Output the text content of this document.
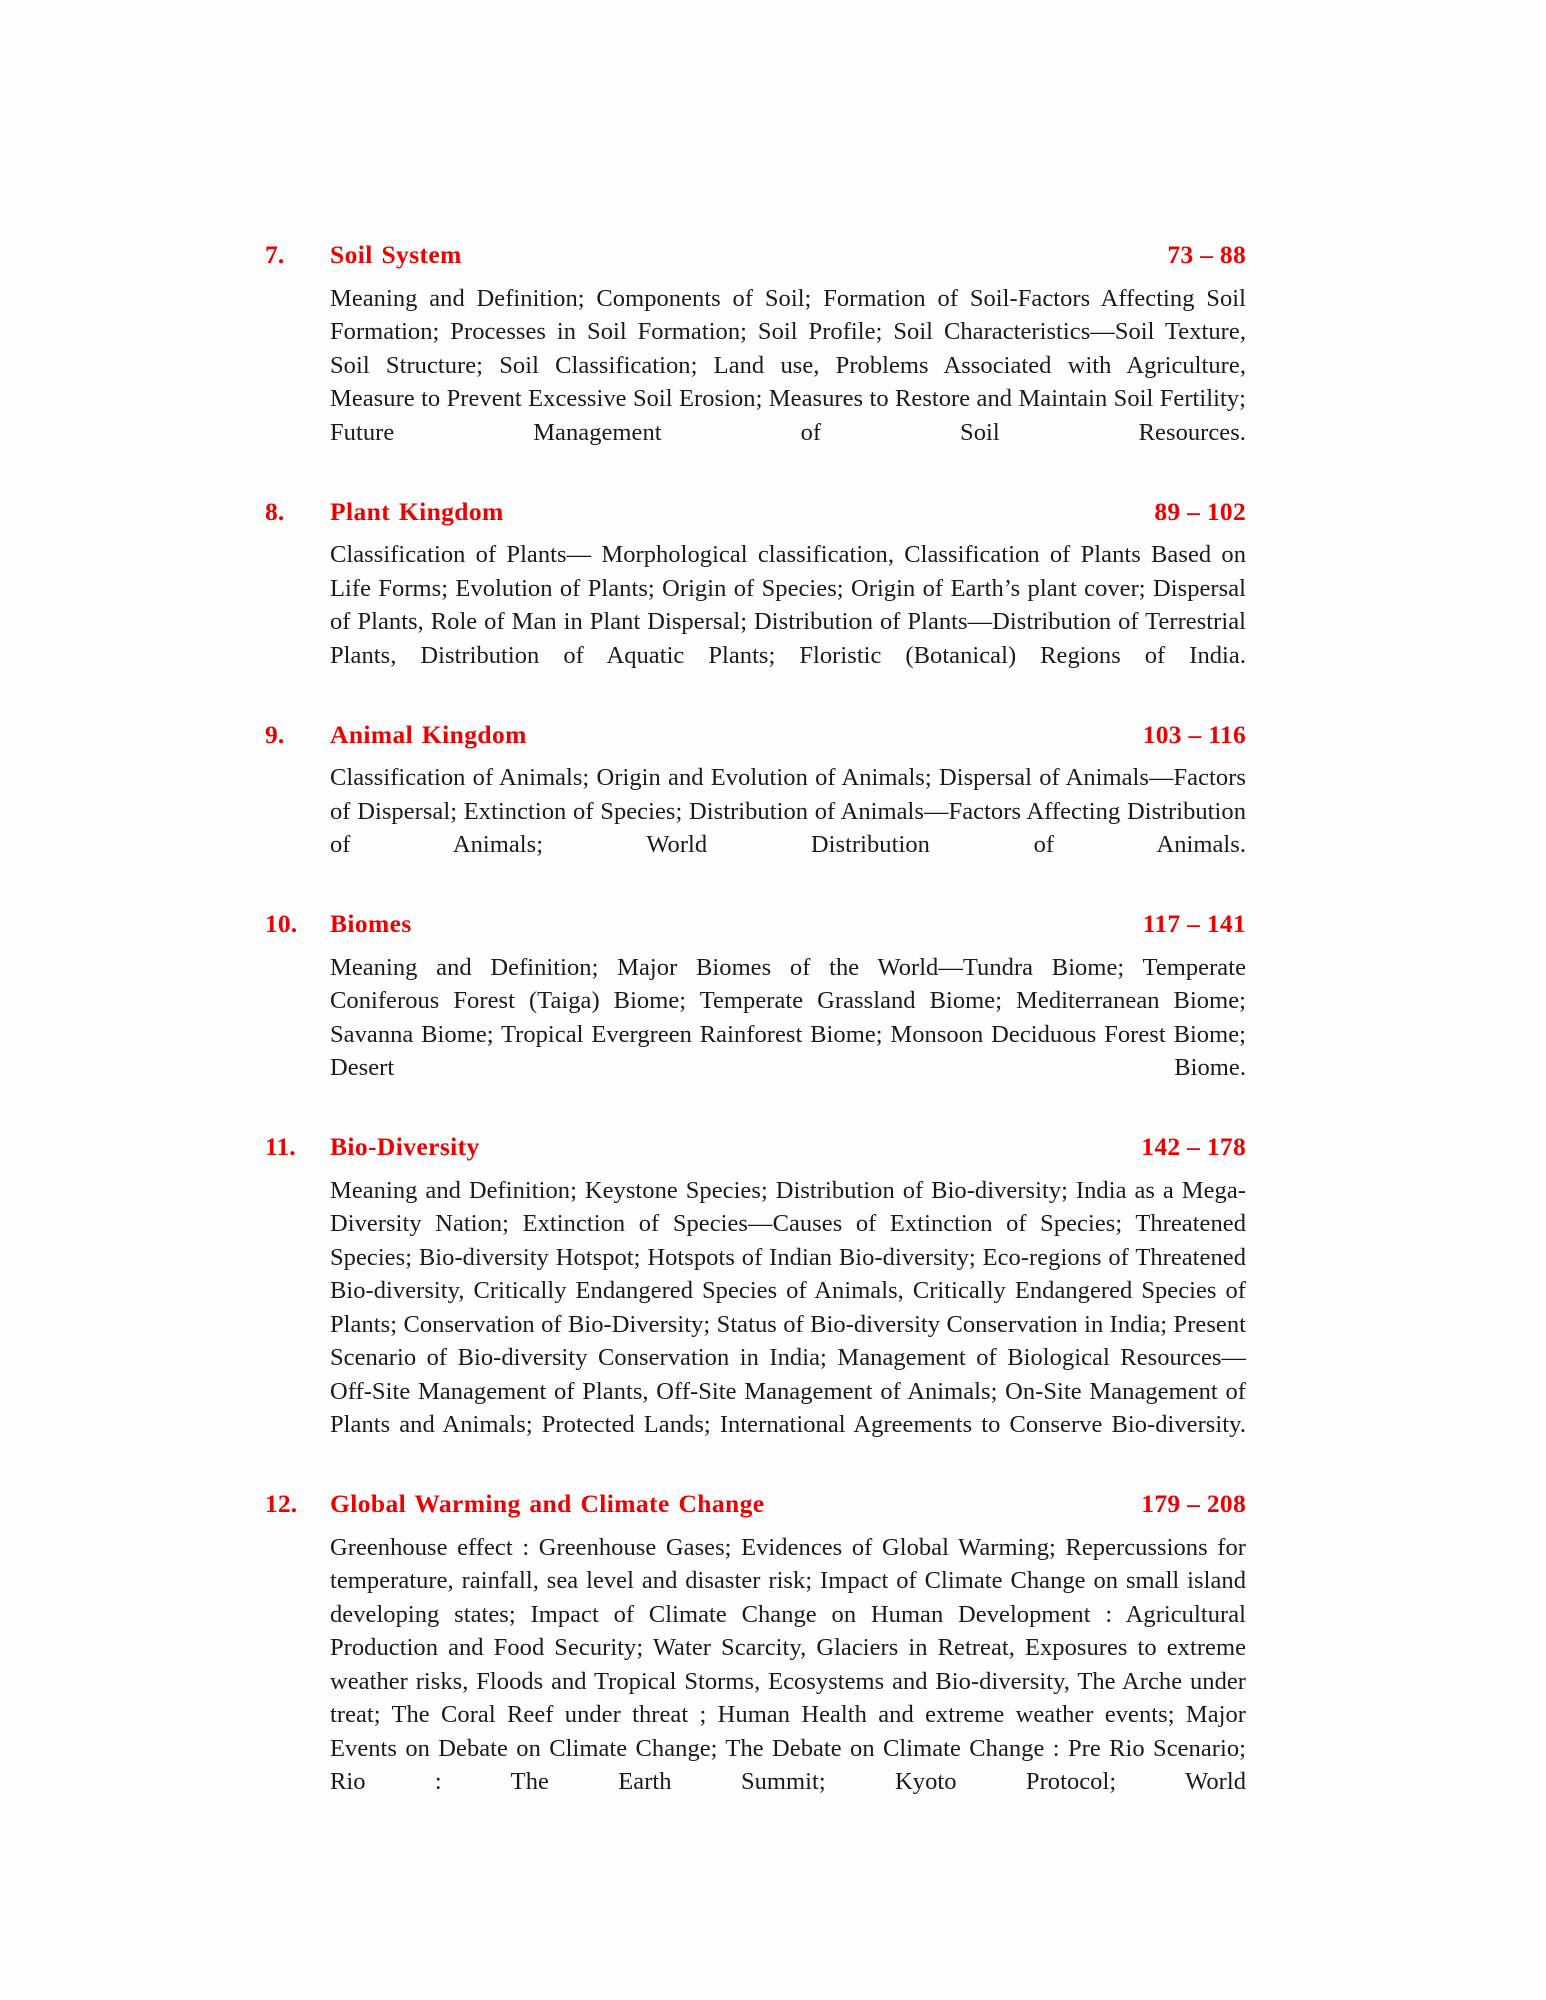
7.	Soil System	73 – 88
Meaning and Definition; Components of Soil; Formation of Soil-Factors Affecting Soil Formation; Processes in Soil Formation; Soil Profile; Soil Characteristics—Soil Texture, Soil Structure; Soil Classification; Land use, Problems Associated with Agriculture, Measure to Prevent Excessive Soil Erosion; Measures to Restore and Maintain Soil Fertility; Future Management of Soil Resources.
8.	Plant Kingdom	89 – 102
Classification of Plants— Morphological classification, Classification of Plants Based on Life Forms; Evolution of Plants; Origin of Species; Origin of Earth’s plant cover; Dispersal of Plants, Role of Man in Plant Dispersal; Distribution of Plants—Distribution of Terrestrial Plants, Distribution of Aquatic Plants; Floristic (Botanical) Regions of India.
9.	Animal Kingdom	103 – 116
Classification of Animals; Origin and Evolution of Animals; Dispersal of Animals—Factors of Dispersal; Extinction of Species; Distribution of Animals—Factors Affecting Distribution of Animals; World Distribution of Animals.
10.	Biomes	117 – 141
Meaning and Definition; Major Biomes of the World—Tundra Biome; Temperate Coniferous Forest (Taiga) Biome; Temperate Grassland Biome; Mediterranean Biome; Savanna Biome; Tropical Evergreen Rainforest Biome; Monsoon Deciduous Forest Biome; Desert Biome.
11.	Bio-Diversity	142 – 178
Meaning and Definition; Keystone Species; Distribution of Bio-diversity; India as a Mega-Diversity Nation; Extinction of Species—Causes of Extinction of Species; Threatened Species; Bio-diversity Hotspot; Hotspots of Indian Bio-diversity; Eco-regions of Threatened Bio-diversity, Critically Endangered Species of Animals, Critically Endangered Species of Plants; Conservation of Bio-Diversity; Status of Bio-diversity Conservation in India; Present Scenario of Bio-diversity Conservation in India; Management of Biological Resources—Off-Site Management of Plants, Off-Site Management of Animals; On-Site Management of Plants and Animals; Protected Lands; International Agreements to Conserve Bio-diversity.
12.	Global Warming and Climate Change	179 – 208
Greenhouse effect : Greenhouse Gases; Evidences of Global Warming; Repercussions for temperature, rainfall, sea level and disaster risk; Impact of Climate Change on small island developing states; Impact of Climate Change on Human Development : Agricultural Production and Food Security; Water Scarcity, Glaciers in Retreat, Exposures to extreme weather risks, Floods and Tropical Storms, Ecosystems and Bio-diversity, The Arche under treat; The Coral Reef under threat ; Human Health and extreme weather events; Major Events on Debate on Climate Change; The Debate on Climate Change : Pre Rio Scenario; Rio : The Earth Summit; Kyoto Protocol; World
